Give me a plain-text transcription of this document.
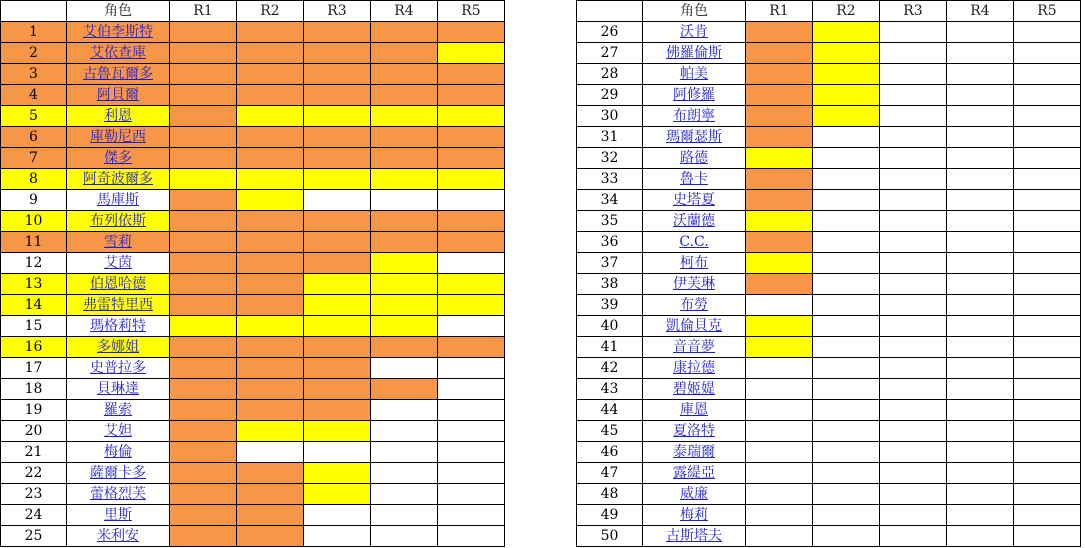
	角色	R1	R2	R3	R4	R5
1	艾伯李斯特					
2	艾依查庫					
3	古魯瓦爾多					
4	阿貝爾					
5	利恩					
6	庫勒尼西					
7	傑多					
8	阿奇波爾多					
9	馬庫斯					
10	布列依斯					
11	雪莉					
12	艾茵					
13	伯恩哈德					
14	弗雷特里西					
15	瑪格莉特					
16	多娜姐					
17	史普拉多					
18	貝琳達					
19	羅索					
20	艾妲					
21	梅倫					
22	薩爾卡多					
23	蕾格烈芙					
24	里斯					
25	米利安					
	角色	R1	R2	R3	R4	R5
26	沃肯					
27	佛羅倫斯					
28	帕美					
29	阿修羅					
30	布朗寧					
31	瑪爾瑟斯					
32	路德					
33	魯卡					
34	史塔夏					
35	沃蘭德					
36	C.C.					
37	柯布					
38	伊芙琳					
39	布勞					
40	凱倫貝克					
41	音音夢					
42	康拉德					
43	碧姬媞					
44	庫恩					
45	夏洛特					
46	泰瑞爾					
47	露緹亞					
48	威廉					
49	梅莉					
50	古斯塔夫					
